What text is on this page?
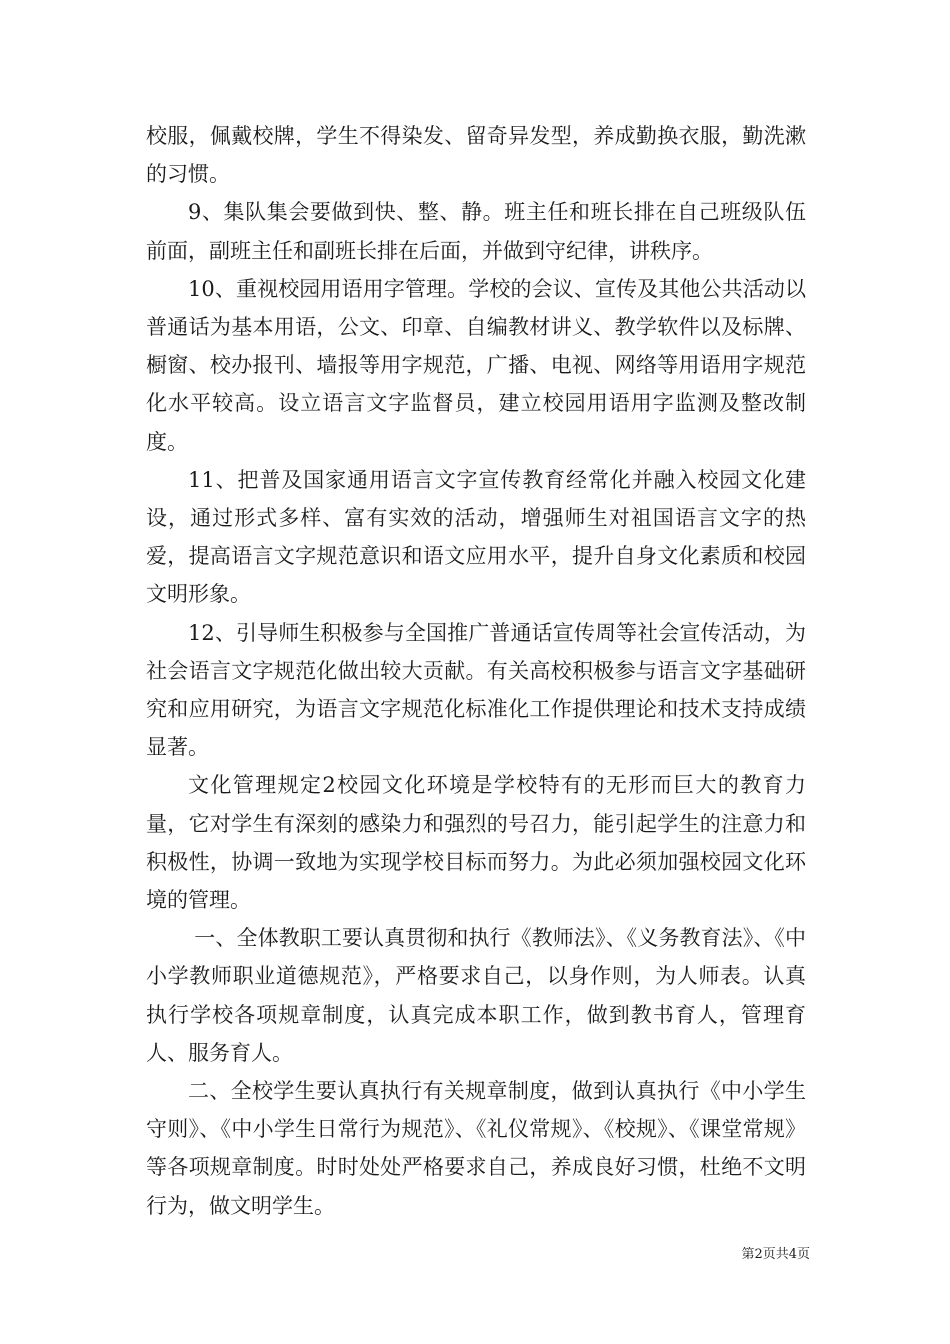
校服，佩戴校牌，学生不得染发、留奇异发型，养成勤换衣服，勤洗漱的习惯。

9、集队集会要做到快、整、静。班主任和班长排在自己班级队伍前面，副班主任和副班长排在后面，并做到守纪律，讲秩序。

10、重视校园用语用字管理。学校的会议、宣传及其他公共活动以普通话为基本用语，公文、印章、自编教材讲义、教学软件以及标牌、橱窗、校办报刊、墙报等用字规范，广播、电视、网络等用语用字规范化水平较高。设立语言文字监督员，建立校园用语用字监测及整改制度。

11、把普及国家通用语言文字宣传教育经常化并融入校园文化建设，通过形式多样、富有实效的活动，增强师生对祖国语言文字的热爱，提高语言文字规范意识和语文应用水平，提升自身文化素质和校园文明形象。

12、引导师生积极参与全国推广普通话宣传周等社会宣传活动，为社会语言文字规范化做出较大贡献。有关高校积极参与语言文字基础研究和应用研究，为语言文字规范化标准化工作提供理论和技术支持成绩显著。

文化管理规定2校园文化环境是学校特有的无形而巨大的教育力量，它对学生有深刻的感染力和强烈的号召力，能引起学生的注意力和积极性，协调一致地为实现学校目标而努力。为此必须加强校园文化环境的管理。

一、全体教职工要认真贯彻和执行《教师法》、《义务教育法》、《中小学教师职业道德规范》，严格要求自己，以身作则，为人师表。认真执行学校各项规章制度，认真完成本职工作，做到教书育人，管理育人、服务育人。

二、全校学生要认真执行有关规章制度，做到认真执行《中小学生守则》、《中小学生日常行为规范》、《礼仪常规》、《校规》、《课堂常规》等各项规章制度。时时处处严格要求自己，养成良好习惯，杜绝不文明行为，做文明学生。

第2页共4页
